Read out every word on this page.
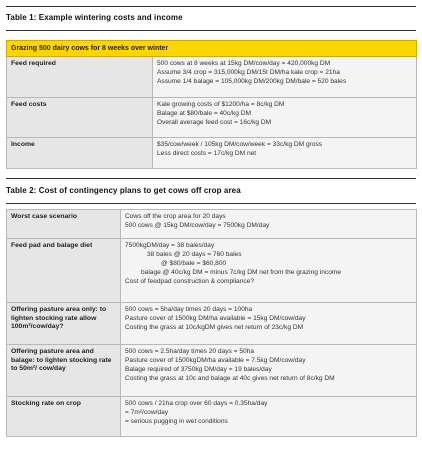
Table 1: Example wintering costs and income
Grazing 500 dairy cows for 8 weeks over winter	
Feed required	500 cows at 8 weeks at 15kg DM/cow/day = 420,000kg DM
Assume 3/4 crop = 315,000kg DM/15t DM/ha kale crop = 21ha
Assume 1/4 balage = 105,000kg DM/200kg DM/bale = 520 bales

Feed costs	Kale growing costs of $1200/ha = 8c/kg DM
Balage at $80/bale = 40c/kg DM
Overall average feed cost = 16c/kg DM

Income	$35/cow/week / 105kg DM/cow/week = 33c/kg DM gross
Less direct costs = 17c/kg DM net
Table 2: Cost of contingency plans to get cows off crop area
Worst case scenario	Cows off the crop area for 20 days
500 cows @ 15kg DM/cow/day = 7500kg DM/day

Feed pad and balage diet	7500kgDM/day = 38 bales/day
38 bales @ 20 days = 760 bales
@ $80/bale = $60,800
balage @ 40c/kg DM = minus 7c/kg DM net from the grazing income
Cost of feedpad construction & compliance?

Offering pasture area only: to lighten stocking rate allow 100m²/cow/day?	500 cows = 5ha/day times 20 days = 100ha
Pasture cover of 1500kg DM/ha available = 15kg DM/cow/day
Costing the grass at 10c/kgDM gives net return of 23c/kg DM

Offering pasture area and balage: to lighten stocking rate to 50m²/ cow/day	500 cows = 2.5ha/day times 20 days = 50ha
Pasture cover of 1500kgDM/ha available = 7.5kg DM/cow/day
Balage required of 3750kg DM/day = 19 bales/day
Costing the grass at 10c and balage at 40c gives net return of 8c/kg DM

Stocking rate on crop	500 cows / 21ha crop over 60 days = 0.35ha/day
= 7m²/cow/day
= serious pugging in wet conditions
